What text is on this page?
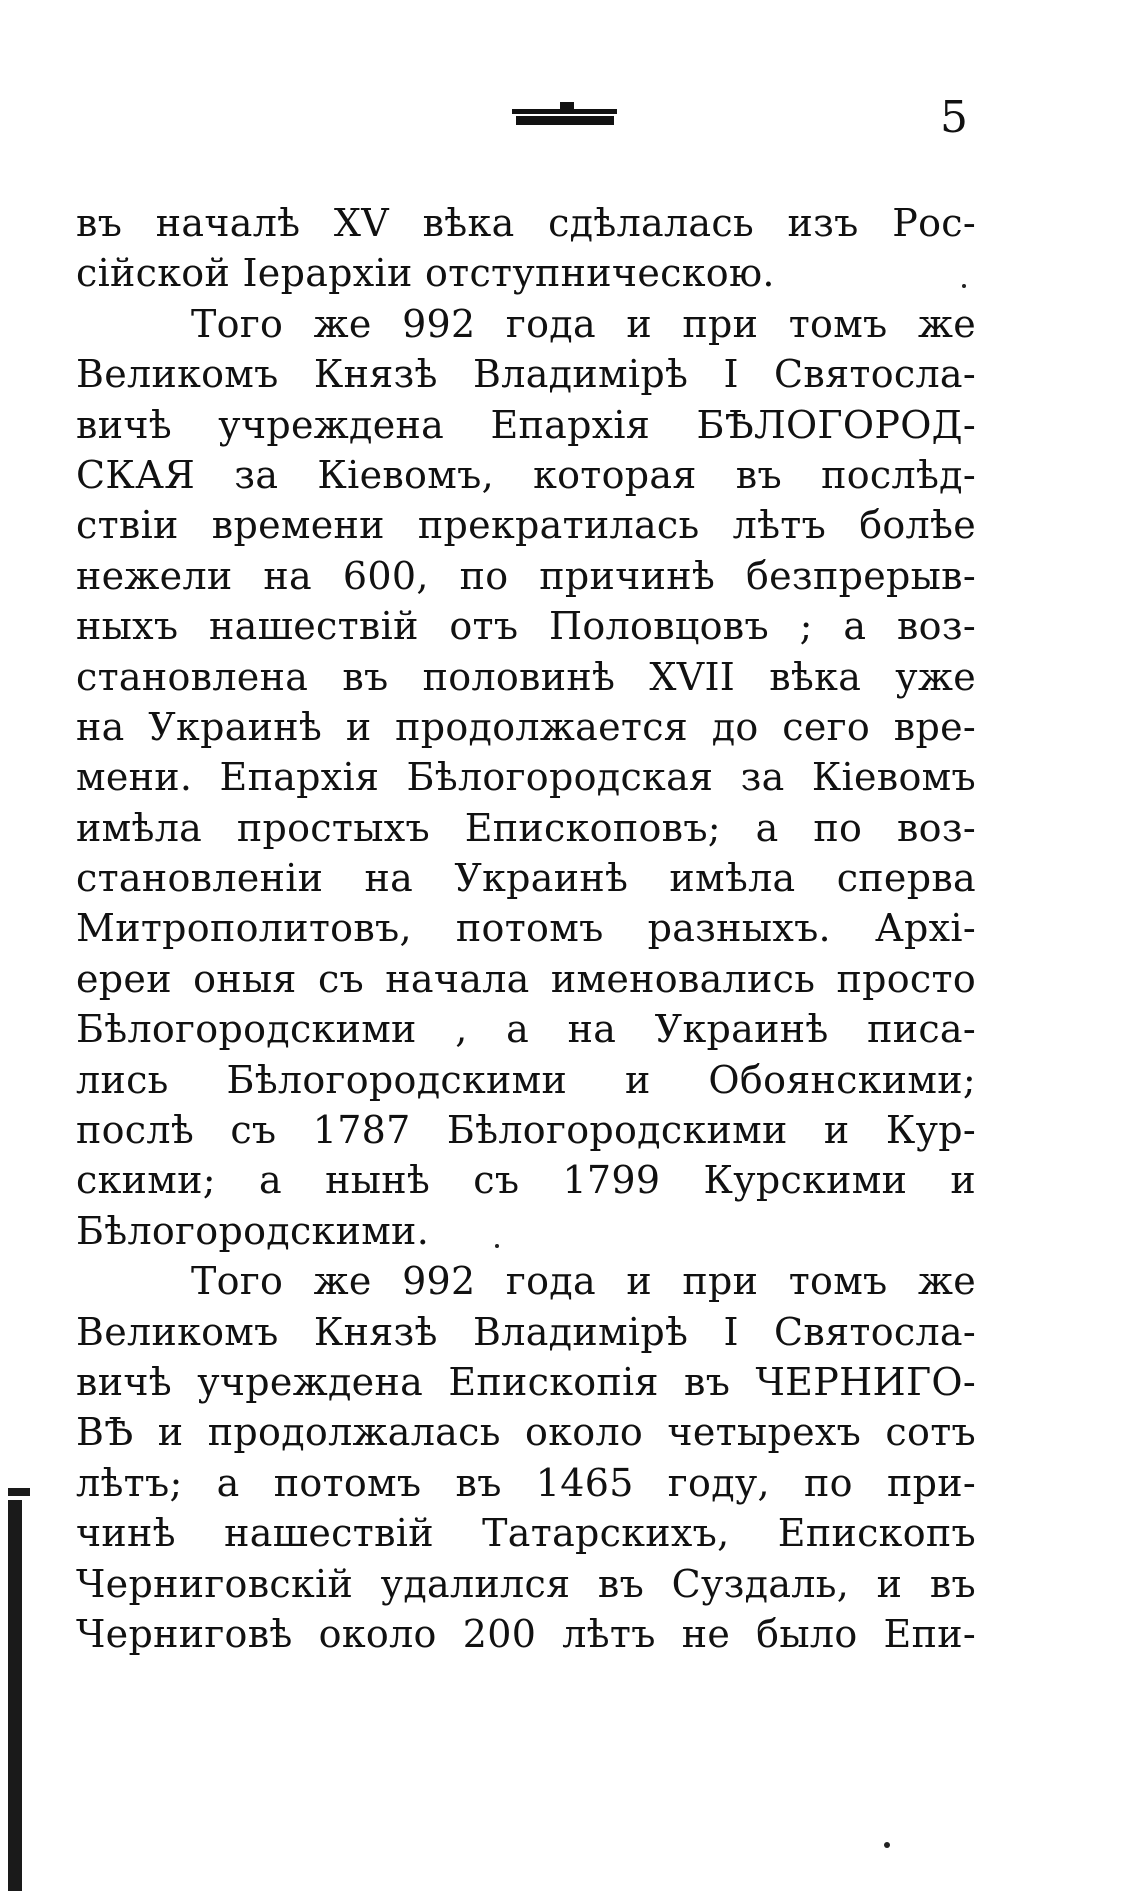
5
въ началѣ XV вѣка сдѣлалась изъ Рос-
сійской Іерархіи отступническою.
Того же 992 года и при томъ же
Великомъ Князѣ Владимірѣ I Святосла-
вичѣ учреждена Епархія БѢЛОГОРОД-
СКАЯ за Кіевомъ, которая въ послѣд-
ствіи времени прекратилась лѣтъ болѣе
нежели на 600, по причинѣ безпрерыв-
ныхъ нашествій отъ Половцовъ ; а воз-
становлена въ половинѣ XVII вѣка уже
на Украинѣ и продолжается до сего вре-
мени. Епархія Бѣлогородская за Кіевомъ
имѣла простыхъ Епископовъ; а по воз-
становленіи на Украинѣ имѣла сперва
Митрополитовъ, потомъ разныхъ. Архі-
ереи оныя съ начала именовались просто
Бѣлогородскими , а на Украинѣ писа-
лись Бѣлогородскими и Обоянскими;
послѣ съ 1787 Бѣлогородскими и Кур-
скими; а нынѣ съ 1799 Курскими и
Бѣлогородскими.
Того же 992 года и при томъ же
Великомъ Князѣ Владимірѣ I Святосла-
вичѣ учреждена Епископія въ ЧЕРНИГО-
ВѢ и продолжалась около четырехъ сотъ
лѣтъ; а потомъ въ 1465 году, по при-
чинѣ нашествій Татарскихъ, Епископъ
Черниговскій удалился въ Суздаль, и въ
Черниговѣ около 200 лѣтъ не было Епи-
